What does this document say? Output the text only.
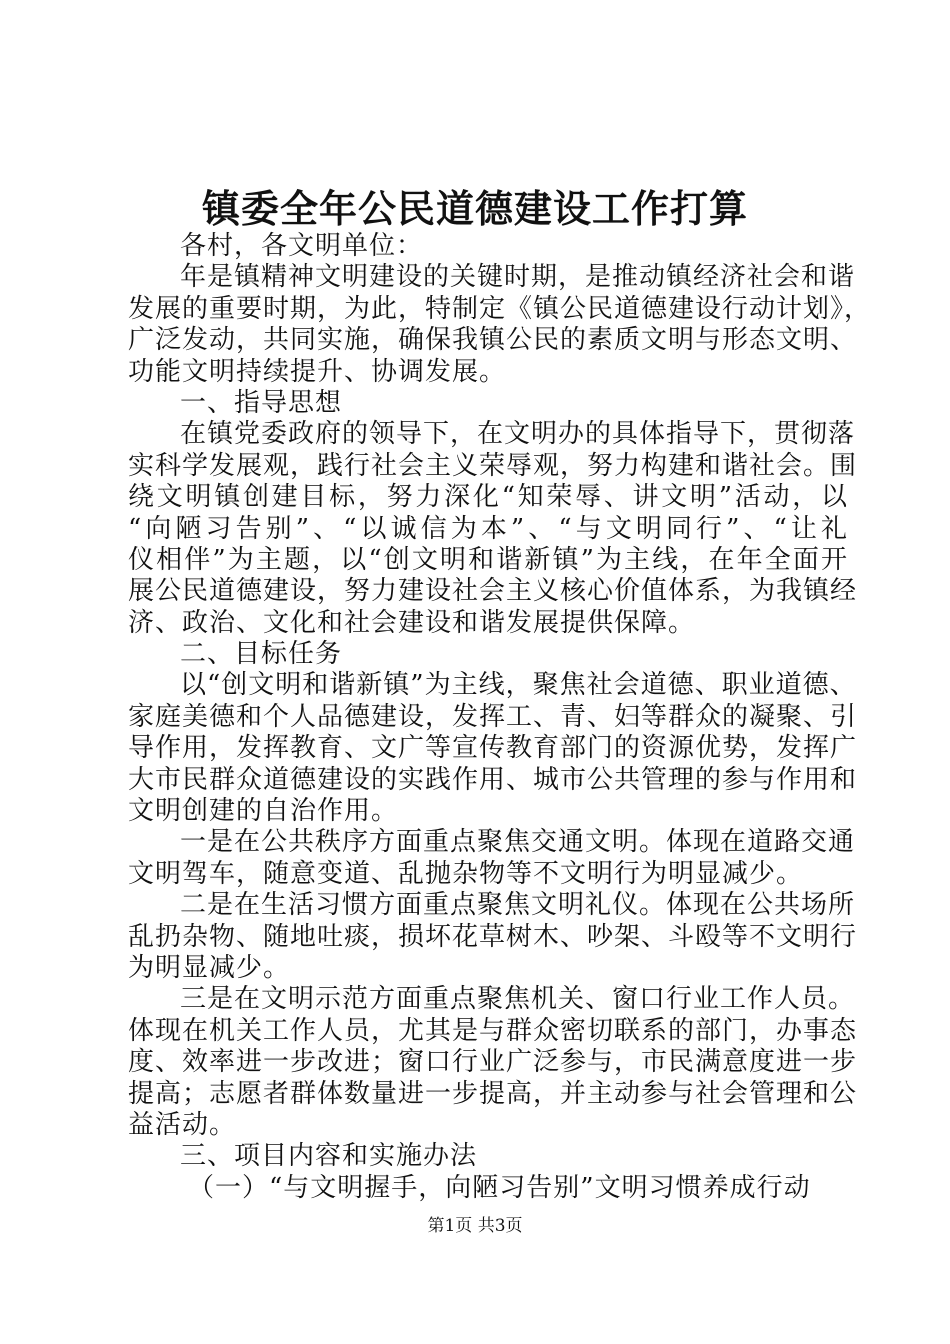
镇委全年公民道德建设工作打算
各村，各文明单位：
年是镇精神文明建设的关键时期，是推动镇经济社会和谐
发展的重要时期，为此，特制定《镇公民道德建设行动计划》，
广泛发动，共同实施，确保我镇公民的素质文明与形态文明、
功能文明持续提升、协调发展。
一、指导思想
在镇党委政府的领导下，在文明办的具体指导下，贯彻落
实科学发展观，践行社会主义荣辱观，努力构建和谐社会。围
绕文明镇创建目标，努力深化“知荣辱、讲文明”活动，以
“向陋习告别”、“以诚信为本”、“与文明同行”、“让礼
仪相伴”为主题，以“创文明和谐新镇”为主线，在年全面开
展公民道德建设，努力建设社会主义核心价值体系，为我镇经
济、政治、文化和社会建设和谐发展提供保障。
二、目标任务
以“创文明和谐新镇”为主线，聚焦社会道德、职业道德、
家庭美德和个人品德建设，发挥工、青、妇等群众的凝聚、引
导作用，发挥教育、文广等宣传教育部门的资源优势，发挥广
大市民群众道德建设的实践作用、城市公共管理的参与作用和
文明创建的自治作用。
一是在公共秩序方面重点聚焦交通文明。体现在道路交通
文明驾车，随意变道、乱抛杂物等不文明行为明显减少。
二是在生活习惯方面重点聚焦文明礼仪。体现在公共场所
乱扔杂物、随地吐痰，损坏花草树木、吵架、斗殴等不文明行
为明显减少。
三是在文明示范方面重点聚焦机关、窗口行业工作人员。
体现在机关工作人员，尤其是与群众密切联系的部门，办事态
度、效率进一步改进；窗口行业广泛参与，市民满意度进一步
提高；志愿者群体数量进一步提高，并主动参与社会管理和公
益活动。
三、项目内容和实施办法
（一）“与文明握手，向陋习告别”文明习惯养成行动
第1页 共3页
